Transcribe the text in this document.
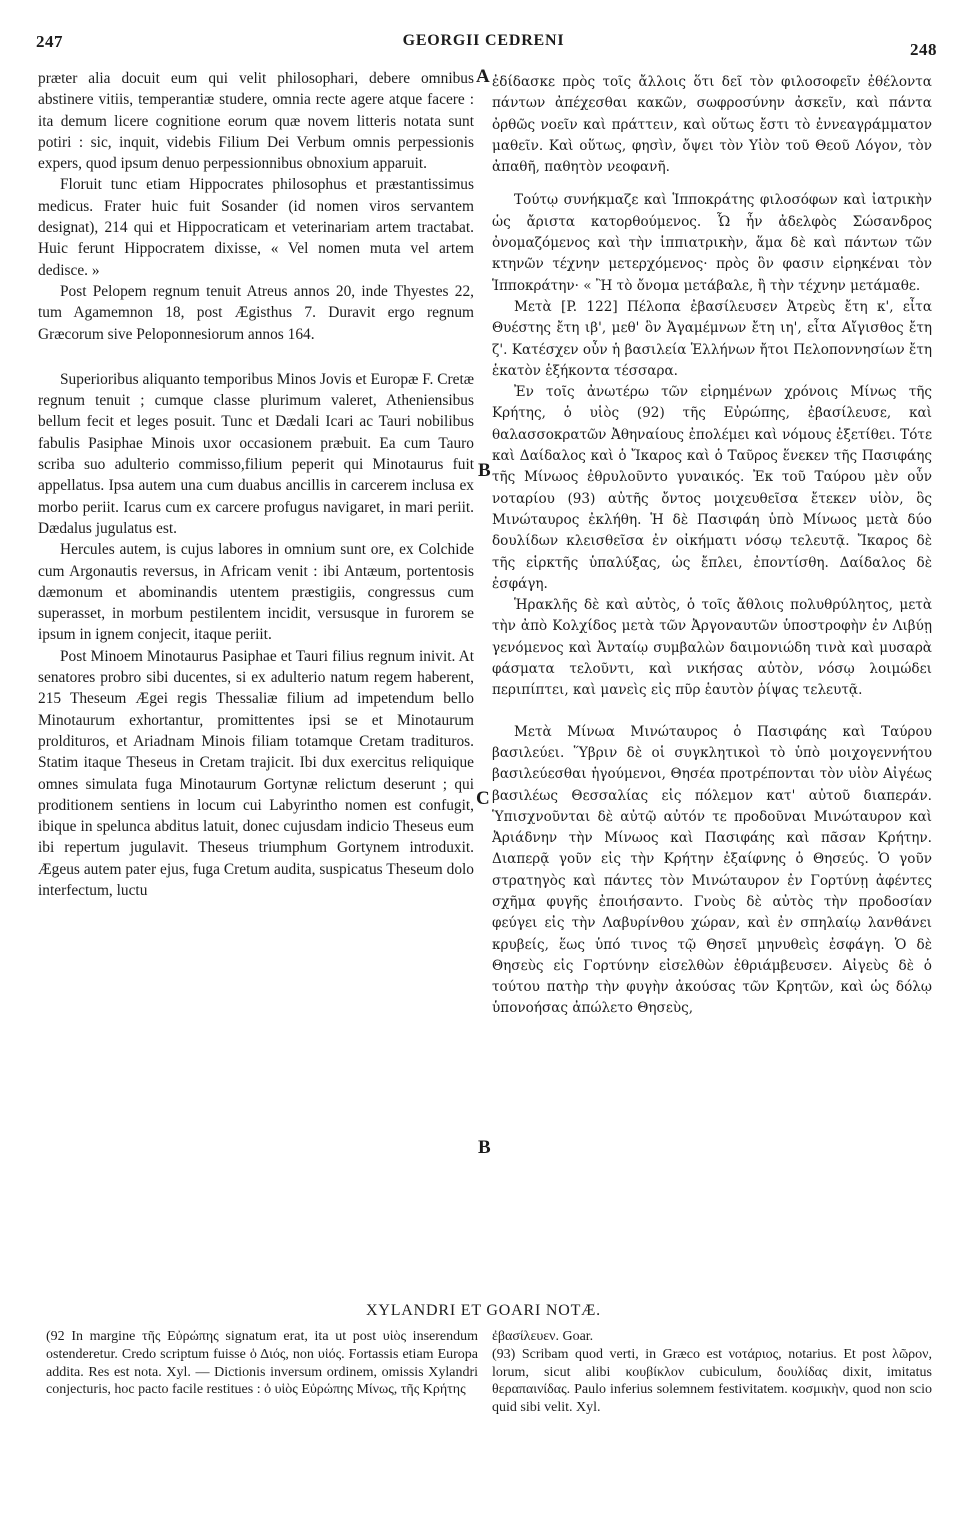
247	GEORGII CEDRENI	248

præter alia docuit eum qui velit philosophari, debere omnibus abstinere vitiis, temperantiæ studere, omnia recte agere atque facere : ita demum licere cognitione eorum quæ novem litteris notata sunt potiri : sic, inquit, videbis Filium Dei Verbum omnis perpessionis expers, quod ipsum denuo perpessionnibus obnoxium apparuit.

Floruit tunc etiam Hippocrates philosophus et præstantissimus medicus. Frater huic fuit Sosander (id nomen viros servantem designat), 214 qui et Hippocraticam et veterinariam artem tractabat. Huic ferunt Hippocratem dixisse, « Vel nomen muta vel artem dedisce. »

Post Pelopem regnum tenuit Atreus annos 20, inde Thyestes 22, tum Agamemnon 18, post Ægisthus 7. Duravit ergo regnum Græcorum sive Peloponnesiorum annos 164.

Superioribus aliquanto temporibus Minos Jovis et Europæ F. Cretæ regnum tenuit ; cumque classe plurimum valeret, Atheniensibus bellum fecit et leges posuit. Tunc et Dædali Icari ac Tauri nobilibus fabulis Pasiphae Minois uxor occasionem præbuit. Ea cum Tauro scriba suo adulterio commisso,filium peperit qui Minotaurus fuit appellatus. Ipsa autem una cum duabus ancillis in carcerem inclusa ex morbo periit. Icarus cum ex carcere profugus navigaret, in mari periit. Dædalus jugulatus est.

Hercules autem, is cujus labores in omnium sunt ore, ex Colchide cum Argonautis reversus, in Africam venit : ibi Antæum, portentosis dæmonum et abominandis utentem præstigiis, congressus cum superasset, in morbum pestilentem incidit, versusque in furorem se ipsum in ignem conjecit, itaque periit.

Post Minoem Minotaurus Pasiphae et Tauri filius regnum inivit. At senatores probro sibi ducentes, si ex adulterio natum regem haberent, 215 Theseum Ægei regis Thessaliæ filium ad impetendum bello Minotaurum exhortantur, promittentes ipsi se et Minotaurum proldituros, et Ariadnam Minois filiam totamque Cretam tradituros. Statim itaque Theseus in Cretam trajicit. Ibi dux exercitus reliquique omnes simulata fuga Minotaurum Gortynæ relictum deserunt ; qui proditionem sentiens in locum cui Labyrintho nomen est confugit, ibique in spelunca abditus latuit, donec cujusdam indicio Theseus eum ibi repertum jugulavit. Theseus triumphum Gortynem introduxit. Ægeus autem pater ejus, fuga Cretum audita, suspicatus Theseum dolo interfectum, luctu

ἐδίδασκε πρὸς τοῖς ἄλλοις ὅτι δεῖ τὸν φιλοσοφεῖν ἐθέλοντα πάντων ἀπέχεσθαι κακῶν, σωφροσύνην ἀσκεῖν, καὶ πάντα ὀρθῶς νοεῖν καὶ πράττειν, καὶ οὕτως ἔστι τὸ ἐννεαγράμματον μαθεῖν. Καὶ οὕτως, φησὶν, ὄψει τὸν Υἱὸν τοῦ Θεοῦ Λόγον, τὸν ἀπαθῆ, παθητὸν νεοφανῆ.

Τούτῳ συνήκμαζε καὶ Ἱπποκράτης φιλοσόφων καὶ ἰατρικὴν ὡς ἄριστα κατορθούμενος. Ὧ ἦν ἀδελφὸς Σώσανδρος ὀνομαζόμενος καὶ τὴν ἱππιατρικὴν, ἅμα δὲ καὶ πάντων τῶν κτηνῶν τέχνην μετερχόμενος· πρὸς ὃν φασιν εἰρηκέναι τὸν Ἱπποκράτην· « Ἢ τὸ ὄνομα μετάβαλε, ἢ τὴν τέχνην μετάμαθε.

Μετὰ [P. 122] Πέλοπα ἐβασίλευσεν Ἀτρεὺς ἔτη κ', εἶτα Θυέστης ἔτη ιβ', μεθ' ὃν Ἀγαμέμνων ἔτη ιη', εἶτα Αἴγισθος ἔτη ζ'. Κατέσχεν οὖν ἡ βασιλεία Ἑλλήνων ἤτοι Πελοποννησίων ἔτη ἑκατὸν ἑξήκοντα τέσσαρα.

Ἐν τοῖς ἀνωτέρω τῶν εἰρημένων χρόνοις Μίνως τῆς Κρήτης, ὁ υἱὸς (92) τῆς Εὐρώπης, ἐβασίλευσε, καὶ θαλασσοκρατῶν Ἀθηναίους ἐπολέμει καὶ νόμους ἐξετίθει. Τότε καὶ Δαίδαλος καὶ ὁ Ἴκαρος καὶ ὁ Ταῦρος ἕνεκεν τῆς Πασιφάης τῆς Μίνωος ἐθρυλοῦντο γυναικός. Ἐκ τοῦ Ταύρου μὲν οὖν νοταρίου (93) αὐτῆς ὄντος μοιχευθεῖσα ἔτεκεν υἱὸν, ὃς Μινώταυρος ἐκλήθη. Ἡ δὲ Πασιφάη ὑπὸ Μίνωος μετὰ δύο δουλίδων κλεισθεῖσα ἐν οἰκήματι νόσῳ τελευτᾷ. Ἴκαρος δὲ τῆς εἱρκτῆς ὑπαλύξας, ὡς ἔπλει, ἐποντίσθη. Δαίδαλος δὲ ἐσφάγη.

Ἡρακλῆς δὲ καὶ αὐτὸς, ὁ τοῖς ἄθλοις πολυθρύλητος, μετὰ τὴν ἀπὸ Κολχίδος μετὰ τῶν Ἀργοναυτῶν ὑποστροφὴν ἐν Λιβύῃ γενόμενος καὶ Ἀνταίῳ συμβαλὼν δαιμονιώδη τινὰ καὶ μυσαρὰ φάσματα τελοῦντι, καὶ νικήσας αὐτὸν, νόσῳ λοιμώδει περιπίπτει, καὶ μανεὶς εἰς πῦρ ἑαυτὸν ῥίψας τελευτᾷ.

Μετὰ Μίνωα Μινώταυρος ὁ Πασιφάης καὶ Ταύρου βασιλεύει. Ὕβριν δὲ οἱ συγκλητικοὶ τὸ ὑπὸ μοιχογεννήτου βασιλεύεσθαι ἡγούμενοι, Θησέα προτρέπονται τὸν υἱὸν Αἰγέως βασιλέως Θεσσαλίας εἰς πόλεμον κατ' αὐτοῦ διαπεράν. Ὑπισχνοῦνται δὲ αὐτῷ αὐτόν τε προδοῦναι Μινώταυρον καὶ Ἀριάδνην τὴν Μίνωος καὶ Πασιφάης καὶ πᾶσαν Κρήτην. Διαπερᾷ γοῦν εἰς τὴν Κρήτην ἐξαίφνης ὁ Θησεύς. Ὁ γοῦν στρατηγὸς καὶ πάντες τὸν Μινώταυρον ἐν Γορτύνῃ ἀφέντες σχῆμα φυγῆς ἐποιήσαντο. Γνοὺς δὲ αὐτὸς τὴν προδοσίαν φεύγει εἰς τὴν Λαβυρίνθου χώραν, καὶ ἐν σπηλαίῳ λανθάνει κρυβείς, ἕως ὑπό τινος τῷ Θησεῖ μηνυθεὶς ἐσφάγη. Ὁ δὲ Θησεὺς εἰς Γορτύνην εἰσελθὼν ἐθριάμβευσεν. Αἰγεὺς δὲ ὁ τούτου πατὴρ τὴν φυγὴν ἀκούσας τῶν Κρητῶν, καὶ ὡς δόλῳ ὑπονοήσας ἀπώλετο Θησεὺς,

A
B
C
B
XYLANDRI ET GOARI NOTÆ.

(92 In margine τῆς Εὐρώπης signatum erat, ita ut post υἱὸς inserendum ostenderetur. Credo scriptum fuisse ὁ Διός, non υἱός. Fortassis etiam Europa addita. Res est nota. Xyl. — Dictionis inversum ordinem, omissis Xylandri conjecturis, hoc pacto facile restitues : ὁ υἱὸς Εὐρώπης Μίνως, τῆς Κρήτης

ἐβασίλευεν. Goar.

(93) Scribam quod verti, in Græco est νοτάριος, notarius. Et post λῶρον, lorum, sicut alibi κουβίκλον cubiculum, δουλίδας dixit, imitatus θεραπαινίδας. Paulo inferius solemnem festivitatem. κοσμικὴν, quod non scio quid sibi velit. Xyl.
